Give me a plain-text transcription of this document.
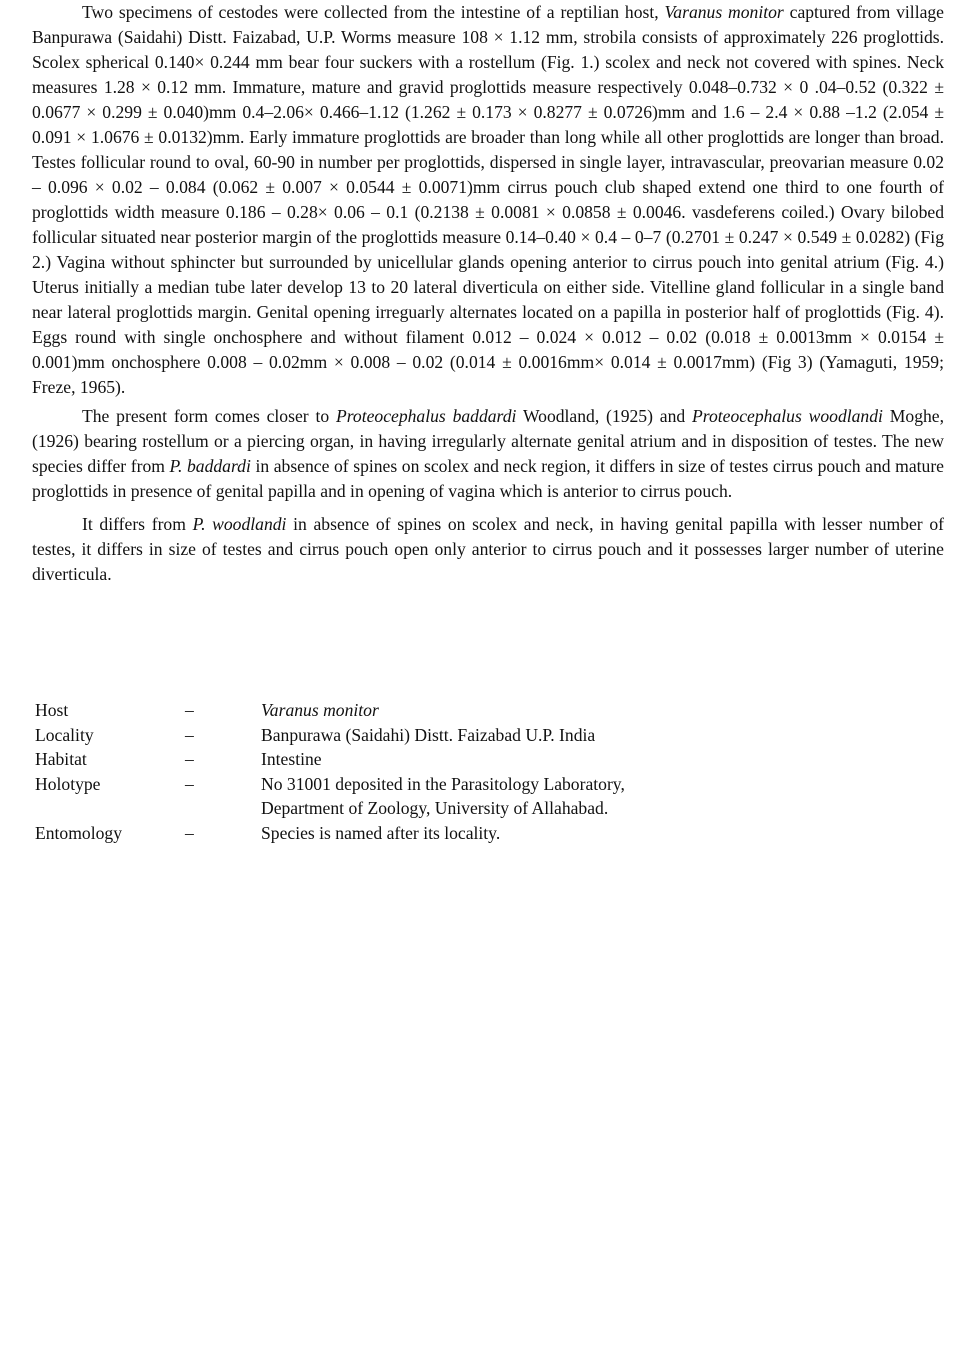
Two specimens of cestodes were collected from the intestine of a reptilian host, Varanus monitor captured from village Banpurawa (Saidahi) Distt. Faizabad, U.P. Worms measure 108 × 1.12 mm, strobila consists of approximately 226 proglottids. Scolex spherical 0.140× 0.244 mm bear four suckers with a rostellum (Fig. 1.) scolex and neck not covered with spines. Neck measures 1.28 × 0.12 mm. Immature, mature and gravid proglottids measure respectively 0.048–0.732 × 0 .04–0.52 (0.322 ± 0.0677 × 0.299 ± 0.040)mm 0.4–2.06× 0.466–1.12 (1.262 ± 0.173 × 0.8277 ± 0.0726)mm and 1.6 – 2.4 × 0.88 –1.2 (2.054 ± 0.091 × 1.0676 ± 0.0132)mm. Early immature proglottids are broader than long while all other proglottids are longer than broad. Testes follicular round to oval, 60-90 in number per proglottids, dispersed in single layer, intravascular, preovarian measure 0.02 – 0.096 × 0.02 – 0.084 (0.062 ± 0.007 × 0.0544 ± 0.0071)mm cirrus pouch club shaped extend one third to one fourth of proglottids width measure 0.186 – 0.28× 0.06 – 0.1 (0.2138 ± 0.0081 × 0.0858 ± 0.0046. vasdeferens coiled.) Ovary bilobed follicular situated near posterior margin of the proglottids measure 0.14–0.40 × 0.4 – 0–7 (0.2701 ± 0.247 × 0.549 ± 0.0282) (Fig 2.) Vagina without sphincter but surrounded by unicellular glands opening anterior to cirrus pouch into genital atrium (Fig. 4.) Uterus initially a median tube later develop 13 to 20 lateral diverticula on either side. Vitelline gland follicular in a single band near lateral proglottids margin. Genital opening irreguarly alternates located on a papilla in posterior half of proglottids (Fig. 4). Eggs round with single onchosphere and without filament 0.012 – 0.024 × 0.012 – 0.02 (0.018 ± 0.0013mm × 0.0154 ± 0.001)mm onchosphere 0.008 – 0.02mm × 0.008 – 0.02 (0.014 ± 0.0016mm× 0.014 ± 0.0017mm) (Fig 3) (Yamaguti, 1959; Freze, 1965).

The present form comes closer to Proteocephalus baddardi Woodland, (1925) and Proteocephalus woodlandi Moghe, (1926) bearing rostellum or a piercing organ, in having irregularly alternate genital atrium and in disposition of testes. The new species differ from P. baddardi in absence of spines on scolex and neck region, it differs in size of testes cirrus pouch and mature proglottids in presence of genital papilla and in opening of vagina which is anterior to cirrus pouch.

It differs from P. woodlandi in absence of spines on scolex and neck, in having genital papilla with lesser number of testes, it differs in size of testes and cirrus pouch open only anterior to cirrus pouch and it possesses larger number of uterine diverticula.

Host	–	Varanus monitor
Locality	–	Banpurawa (Saidahi) Distt. Faizabad U.P. India
Habitat	–	Intestine
Holotype	–	No 31001 deposited in the Parasitology Laboratory, Department of Zoology, University of Allahabad.
Entomology	–	Species is named after its locality.
